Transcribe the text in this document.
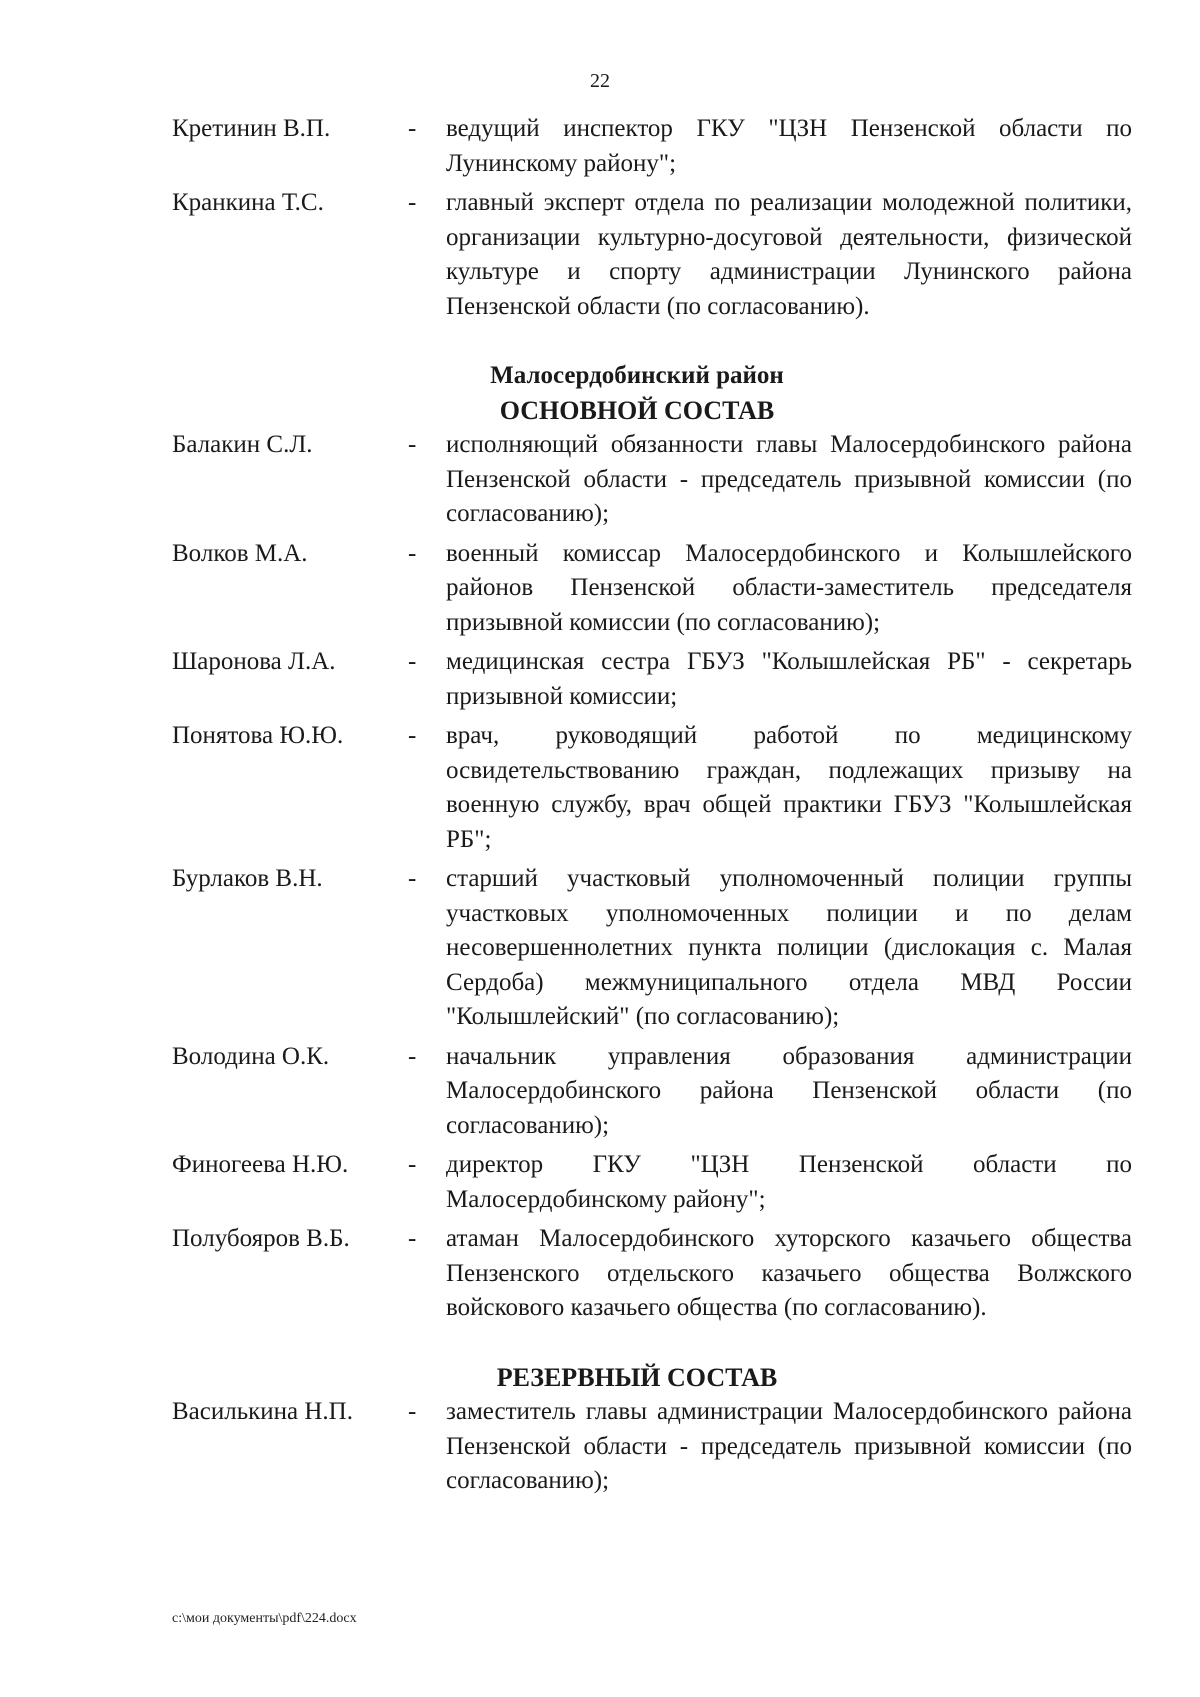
22
Кретинин В.П.	-	ведущий инспектор ГКУ "ЦЗН Пензенской области по Лунинскому району";
Кранкина Т.С.	-	главный эксперт отдела по реализации молодежной политики, организации культурно-досуговой деятельности, физической культуре и спорту администрации Лунинского района Пензенской области (по согласованию).
Малосердобинский район
ОСНОВНОЙ СОСТАВ
Балакин С.Л.	-	исполняющий обязанности главы Малосердобинского района Пензенской области - председатель призывной комиссии (по согласованию);
Волков М.А.	-	военный комиссар Малосердобинского и Колышлейского районов Пензенской области-заместитель председателя призывной комиссии (по согласованию);
Шаронова Л.А.	-	медицинская сестра ГБУЗ "Колышлейская РБ" - секретарь призывной комиссии;
Понятова Ю.Ю.	-	врач, руководящий работой по медицинскому освидетельствованию граждан, подлежащих призыву на военную службу, врач общей практики ГБУЗ "Колышлейская РБ";
Бурлаков В.Н.	-	старший участковый уполномоченный полиции группы участковых уполномоченных полиции и по делам несовершеннолетних пункта полиции (дислокация с. Малая Сердоба) межмуниципального отдела МВД России "Колышлейский" (по согласованию);
Володина О.К.	-	начальник управления образования администрации Малосердобинского района Пензенской области (по согласованию);
Финогеева Н.Ю.	-	директор ГКУ "ЦЗН Пензенской области по Малосердобинскому району";
Полубояров В.Б.	-	атаман Малосердобинского хуторского казачьего общества Пензенского отдельского казачьего общества Волжского войскового казачьего общества (по согласованию).
РЕЗЕРВНЫЙ СОСТАВ
Василькина Н.П.	-	заместитель главы администрации Малосердобинского района Пензенской области - председатель призывной комиссии (по согласованию);
c:\мои документы\pdf\224.docx
